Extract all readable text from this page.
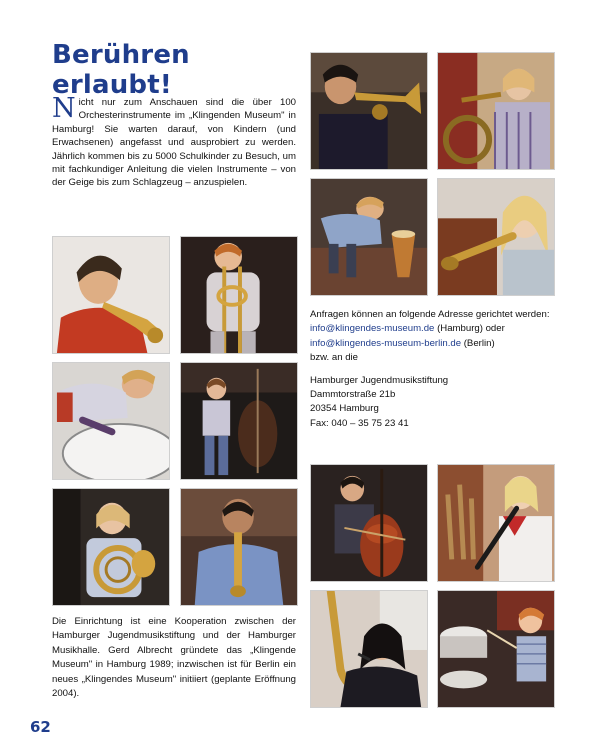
Berühren erlaubt!

Nicht nur zum Anschauen sind die über 100 Orchesterinstrumente im „Klingenden Museum" in Hamburg! Sie warten darauf, von Kindern (und Erwachsenen) angefasst und ausprobiert zu werden. Jährlich kommen bis zu 5000 Schulkinder zu Besuch, um mit fachkundiger Anleitung die vielen Instrumente – von der Geige bis zum Schlagzeug – anzuspielen.

Anfragen können an folgende Adresse gerichtet werden:

info@klingendes-museum.de (Hamburg) oder

info@klingendes-museum-berlin.de (Berlin)

bzw. an die

Hamburger Jugendmusikstiftung

Dammtorstraße 21b

20354 Hamburg

Fax: 040 – 35 75 23 41

Die Einrichtung ist eine Kooperation zwischen der Hamburger Jugendmusikstiftung und der Hamburger Musikhalle. Gerd Albrecht gründete das „Klingende Museum" in Hamburg 1989; inzwischen ist für Berlin ein neues „Klingendes Museum" initiiert (geplante Eröffnung 2004).

62
